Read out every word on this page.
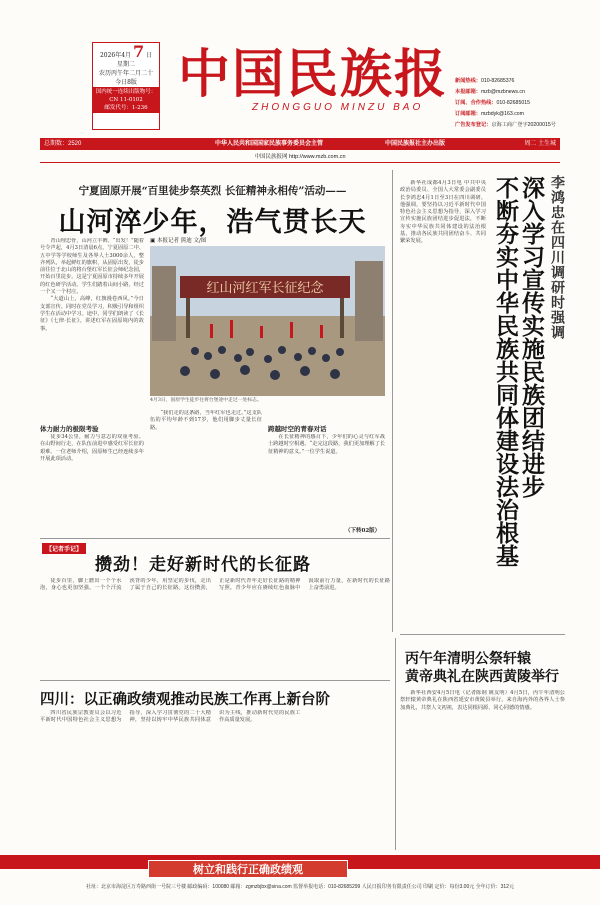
2026年4月 7 日
星期二
农历丙午年二月二十
今日8版
国内统一连续出版物号：
CN 11-0102
邮发代号：1-236
中国民族报
ZHONGGUO MINZU BAO
新闻热线：010-82685376
本报邮箱：mzb@mzbnews.cn
订阅、合作热线：010-82685015
订阅邮箱：mzbdyk@163.com
广告发布登记：京海工商广登字20200015号
总期数：2520	中华人民共和国国家民族事务委员会主管	中国民族报社主办出版	周二 土生城
中国民族报网 http://www.mzb.com.cn
宁夏固原开展“百里徒步祭英烈 长征精神永相传”活动——
山河淬少年，浩气贯长天
▣ 本报记者 熊迪 文/图
红山河红军长征纪念
4月3日，固原学生徒步往将台堡途中走过一处标志。

青山埋忠骨，山河立丰碑。“出发！”随着号令声起，4月3日清晨6点，宁夏固原二中、五中学等学校师生及各界人士3000余人，整齐列队，举起鲜红的旗帜，从固原出发，徒步前往位于北山的将台堡红军长征会师纪念园，开始百里徒步。这是宁夏固原市持续多年开展的红色研学活动。学生们踏着山间小路，经过一个又一个村庄。

“大道山上，高峰，红旗漫卷西风。”今日支部宣传。同时在党员学习，积极引导和组织学生在活动中学习。途中，同学们朗读了《长征》《七律·长征》。讲述红军在固原境内的故事。

体力耐力的极限考验

徒步34公里，耐力与意志的双重考验。在山野间行走，在队伍前进中感受红军长征的艰难。一位老师介绍，固原师生已经连续多年开展此项活动。

“我们走的这条路，当年红军也走过。”这支队伍的平均年龄不到17岁，他们用脚步丈量长征路。	跨越时空的青春对话

在长征精神的感召下，少年们的心灵与红军战士跨越时空相遇。“走完这段路，我们更加理解了长征精神的意义。”一位学生说道。

（下转02版）
李鸿忠在四川调研时强调
深入学习宣传实施民族团结进步
不断夯实中华民族共同体建设法治根基

新华社成都4月3日电 中共中央政治局委员、全国人大常委会副委员长李鸿忠4月1日至3日在四川调研。他强调，要坚持以习近平新时代中国特色社会主义思想为指导，深入学习宣传实施民族团结进步促进法，不断夯实中华民族共同体建设的法治根基，推动各民族共同团结奋斗、共同繁荣发展。

【记者手记】
攒劲！走好新时代的长征路

徒步百里，脚上磨出一个个水泡，身心也更加坚强。一个个汗流浃背的少年，用坚定的步伐，走出了属于自己的长征路。这份攒劲，正是新时代青年走好长征路的精神写照。青少年应在赓续红色血脉中汲取前行力量，在新时代的长征路上奋勇前进。

丙午年清明公祭轩辕
黄帝典礼在陕西黄陵举行

新华社西安4月5日电（记者陈钢 姚友明）4月5日，丙午年清明公祭轩辕黄帝典礼在陕西省延安市黄陵县举行。来自海内外的各界人士参加典礼，共祭人文初祖，表达同根同源、同心同德的情感。

四川：以正确政绩观推动民族工作再上新台阶

四川省民族宗教委员会以习近平新时代中国特色社会主义思想为指导，深入学习贯彻党的二十大精神，坚持以铸牢中华民族共同体意识为主线，推动新时代党的民族工作高质量发展。

树立和践行正确政绩观
社址：北京市海淀区万寿路西街一号院三号楼 邮政编码：100080 邮箱：zgmzbjbx@sina.com 监督举报电话：010-82685299 人民日报印务有限责任公司 印刷 定价：每份3.00元 全年订价：312元
